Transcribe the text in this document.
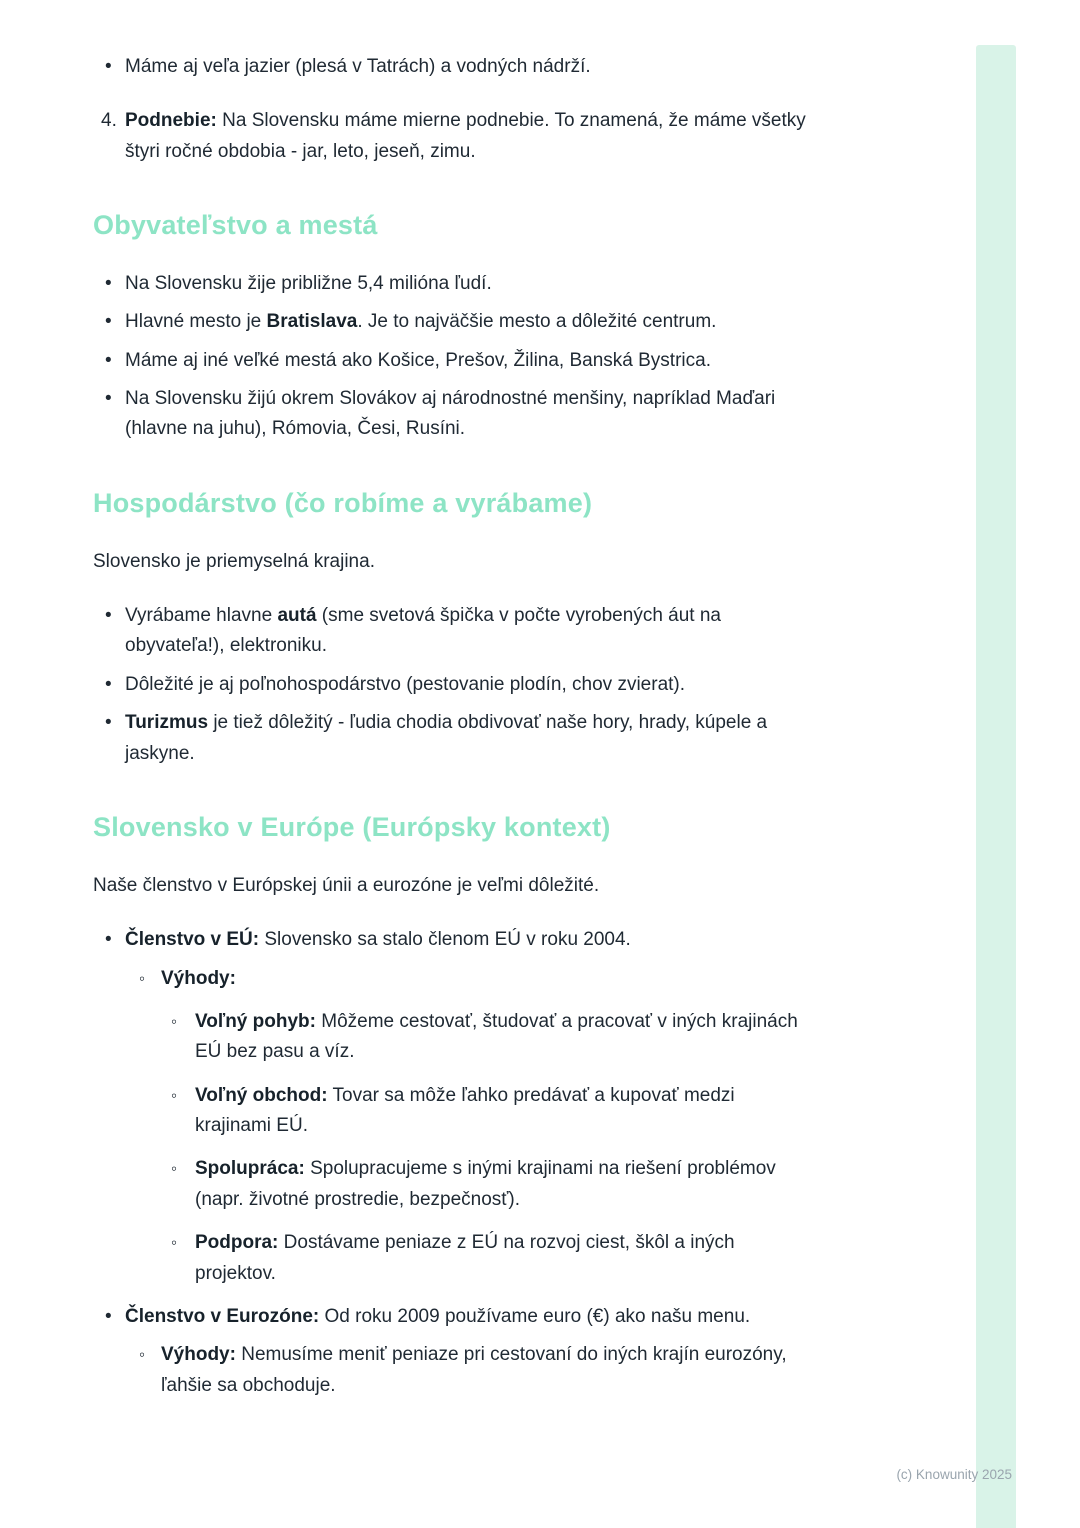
• Máme aj veľa jazier (plesá v Tatrách) a vodných nádrží.
4. Podnebie: Na Slovensku máme mierne podnebie. To znamená, že máme všetky štyri ročné obdobia - jar, leto, jeseň, zimu.
Obyvateľstvo a mestá
• Na Slovensku žije približne 5,4 milióna ľudí.
• Hlavné mesto je Bratislava. Je to najväčšie mesto a dôležité centrum.
• Máme aj iné veľké mestá ako Košice, Prešov, Žilina, Banská Bystrica.
• Na Slovensku žijú okrem Slovákov aj národnostné menšiny, napríklad Maďari (hlavne na juhu), Rómovia, Česi, Rusíni.
Hospodárstvo (čo robíme a vyrábame)

Slovensko je priemyselná krajina.

• Vyrábame hlavne autá (sme svetová špička v počte vyrobených áut na obyvateľa!), elektroniku.
• Dôležité je aj poľnohospodárstvo (pestovanie plodín, chov zvierat).
• Turizmus je tiež dôležitý - ľudia chodia obdivovať naše hory, hrady, kúpele a jaskyne.
Slovensko v Európe (Európsky kontext)

Naše členstvo v Európskej únii a eurozóne je veľmi dôležité.

• Členstvo v EÚ: Slovensko sa stalo členom EÚ v roku 2004.
◦ Výhody:
◦ Voľný pohyb: Môžeme cestovať, študovať a pracovať v iných krajinách EÚ bez pasu a víz.
◦ Voľný obchod: Tovar sa môže ľahko predávať a kupovať medzi krajinami EÚ.
◦ Spolupráca: Spolupracujeme s inými krajinami na riešení problémov (napr. životné prostredie, bezpečnosť).
◦ Podpora: Dostávame peniaze z EÚ na rozvoj ciest, škôl a iných projektov.
• Členstvo v Eurozóne: Od roku 2009 používame euro (€) ako našu menu.
◦ Výhody: Nemusíme meniť peniaze pri cestovaní do iných krajín eurozóny, ľahšie sa obchoduje.
(c) Knowunity 2025
